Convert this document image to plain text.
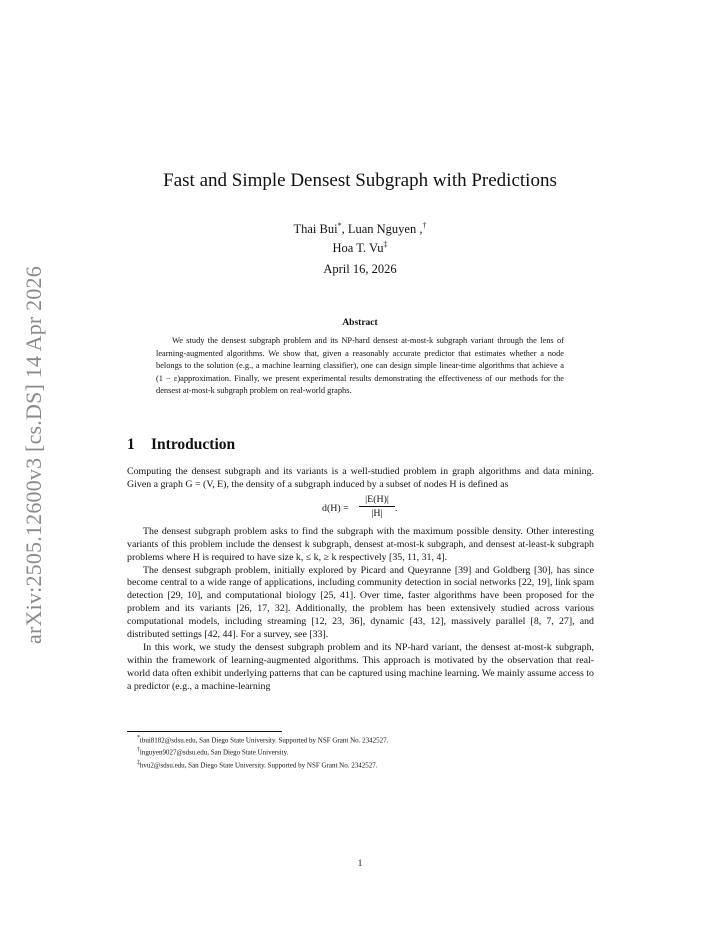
arXiv:2505.12600v3 [cs.DS] 14 Apr 2026
Fast and Simple Densest Subgraph with Predictions
Thai Bui*, Luan Nguyen ,†
Hoa T. Vu‡
April 16, 2026
Abstract

We study the densest subgraph problem and its NP-hard densest at-most-k subgraph variant through the lens of learning-augmented algorithms. We show that, given a reasonably accurate predictor that estimates whether a node belongs to the solution (e.g., a machine learning classifier), one can design simple linear-time algorithms that achieve a (1 − ε)approximation. Finally, we present experimental results demonstrating the effectiveness of our methods for the densest at-most-k subgraph problem on real-world graphs.

1 Introduction

Computing the densest subgraph and its variants is a well-studied problem in graph algorithms and data mining. Given a graph G = (V, E), the density of a subgraph induced by a subset of nodes H is defined as

$d(H) = \frac{|E(H)|}{|H|}$ .

The densest subgraph problem asks to find the subgraph with the maximum possible density. Other interesting variants of this problem include the densest k subgraph, densest at-most-k subgraph, and densest at-least-k subgraph problems where H is required to have size k, ≤ k, ≥ k respectively [35, 11, 31, 4].

The densest subgraph problem, initially explored by Picard and Queyranne [39] and Goldberg [30], has since become central to a wide range of applications, including community detection in social networks [22, 19], link spam detection [29, 10], and computational biology [25, 41]. Over time, faster algorithms have been proposed for the problem and its variants [26, 17, 32]. Additionally, the problem has been extensively studied across various computational models, including streaming [12, 23, 36], dynamic [43, 12], massively parallel [8, 7, 27], and distributed settings [42, 44]. For a survey, see [33].

In this work, we study the densest subgraph problem and its NP-hard variant, the densest at-most-k subgraph, within the framework of learning-augmented algorithms. This approach is motivated by the observation that real-world data often exhibit underlying patterns that can be captured using machine learning. We mainly assume access to a predictor (e.g., a machine-learning

*tbui8182@sdsu.edu, San Diego State University. Supported by NSF Grant No. 2342527.
†lnguyen9027@sdsu.edu, San Diego State University.
‡hvu2@sdsu.edu, San Diego State University. Supported by NSF Grant No. 2342527.
1
